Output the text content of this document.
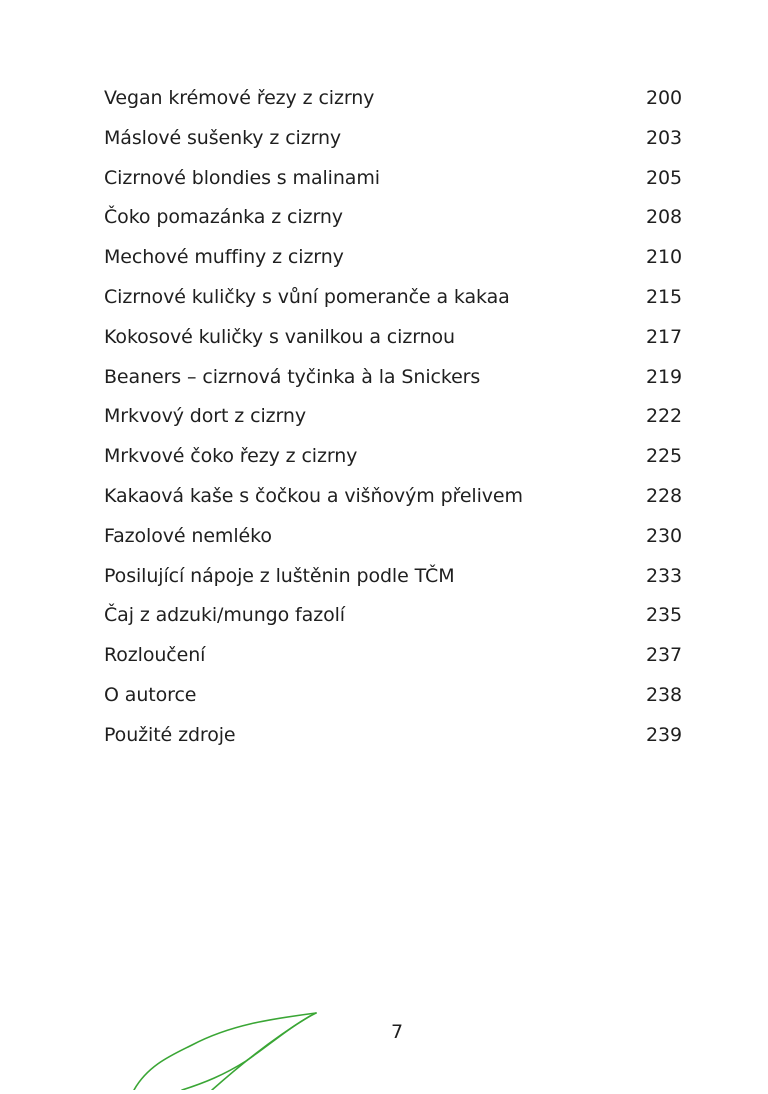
Vegan krémové řezy z cizrny	200
Máslové sušenky z cizrny	203
Cizrnové blondies s malinami	205
Čoko pomazánka z cizrny	208
Mechové muffiny z cizrny	210
Cizrnové kuličky s vůní pomeranče a kakaa	215
Kokosové kuličky s vanilkou a cizrnou	217
Beaners – cizrnová tyčinka à la Snickers	219
Mrkvový dort z cizrny	222
Mrkvové čoko řezy z cizrny	225
Kakaová kaše s čočkou a višňovým přelivem	228
Fazolové nemléko	230
Posilující nápoje z luštěnin podle TČM	233
Čaj z adzuki/mungo fazolí	235
Rozloučení	237
O autorce	238
Použité zdroje	239
7
